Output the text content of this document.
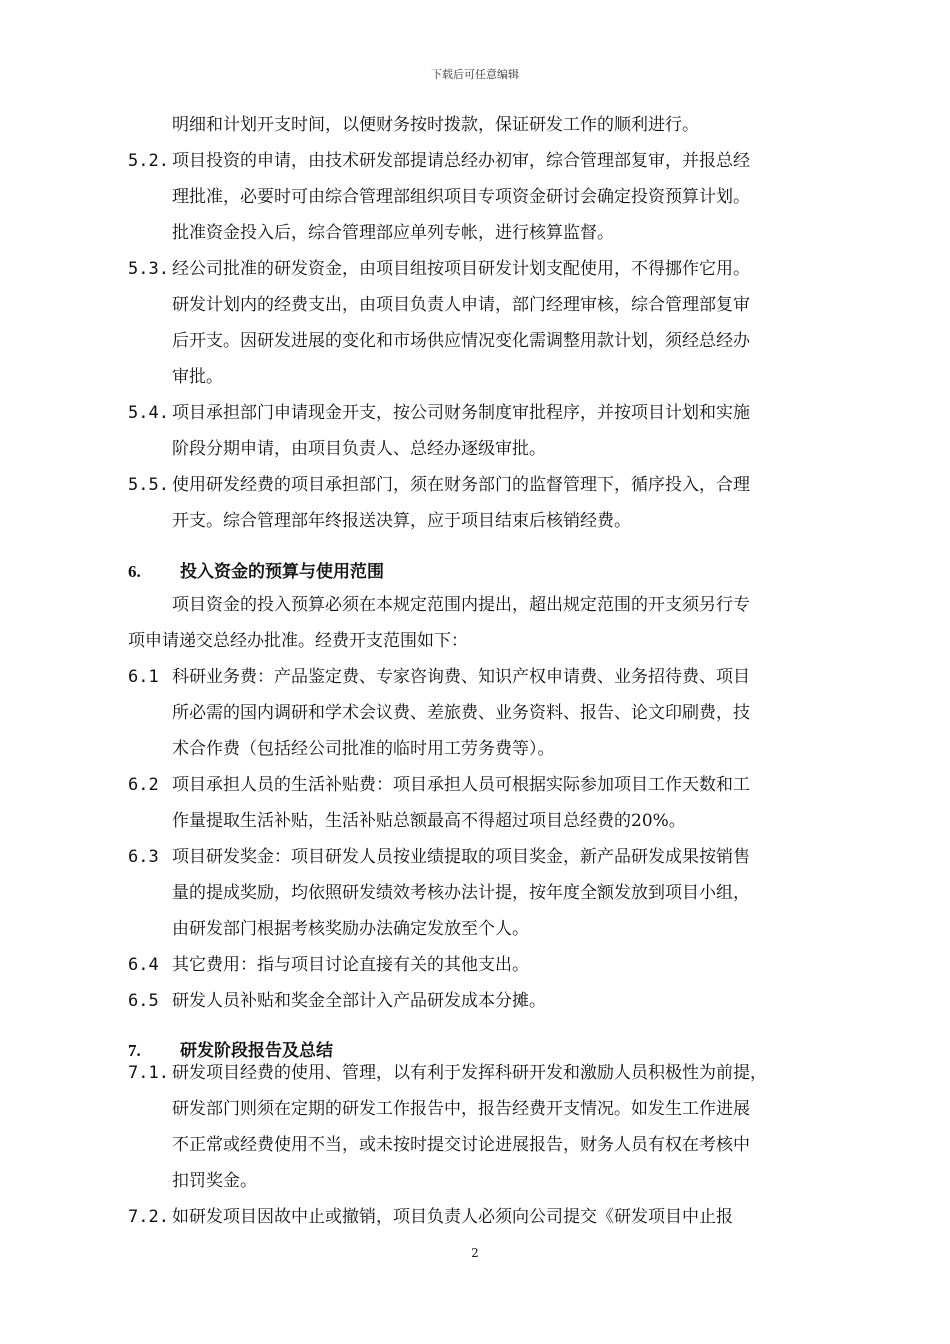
下载后可任意编辑
明细和计划开支时间，以便财务按时拨款，保证研发工作的顺利进行。
5.2. 项目投资的申请，由技术研发部提请总经办初审，综合管理部复审，并报总经
理批准，必要时可由综合管理部组织项目专项资金研讨会确定投资预算计划。
批准资金投入后，综合管理部应单列专帐，进行核算监督。
5.3. 经公司批准的研发资金，由项目组按项目研发计划支配使用，不得挪作它用。
研发计划内的经费支出，由项目负责人申请，部门经理审核，综合管理部复审
后开支。因研发进展的变化和市场供应情况变化需调整用款计划，须经总经办
审批。
5.4. 项目承担部门申请现金开支，按公司财务制度审批程序，并按项目计划和实施
阶段分期申请，由项目负责人、总经办逐级审批。
5.5. 使用研发经费的项目承担部门，须在财务部门的监督管理下，循序投入，合理
开支。综合管理部年终报送决算，应于项目结束后核销经费。
6. 投入资金的预算与使用范围
项目资金的投入预算必须在本规定范围内提出，超出规定范围的开支须另行专
项申请递交总经办批准。经费开支范围如下：
6.1 科研业务费：产品鉴定费、专家咨询费、知识产权申请费、业务招待费、项目
所必需的国内调研和学术会议费、差旅费、业务资料、报告、论文印刷费，技
术合作费（包括经公司批准的临时用工劳务费等）。
6.2 项目承担人员的生活补贴费：项目承担人员可根据实际参加项目工作天数和工
作量提取生活补贴，生活补贴总额最高不得超过项目总经费的20%。
6.3 项目研发奖金：项目研发人员按业绩提取的项目奖金，新产品研发成果按销售
量的提成奖励，均依照研发绩效考核办法计提，按年度全额发放到项目小组，
由研发部门根据考核奖励办法确定发放至个人。
6.4 其它费用：指与项目讨论直接有关的其他支出。
6.5 研发人员补贴和奖金全部计入产品研发成本分摊。
7. 研发阶段报告及总结
7.1. 研发项目经费的使用、管理，以有利于发挥科研开发和激励人员积极性为前提，
研发部门则须在定期的研发工作报告中，报告经费开支情况。如发生工作进展
不正常或经费使用不当，或未按时提交讨论进展报告，财务人员有权在考核中
扣罚奖金。
7.2. 如研发项目因故中止或撤销，项目负责人必须向公司提交《研发项目中止报
2
